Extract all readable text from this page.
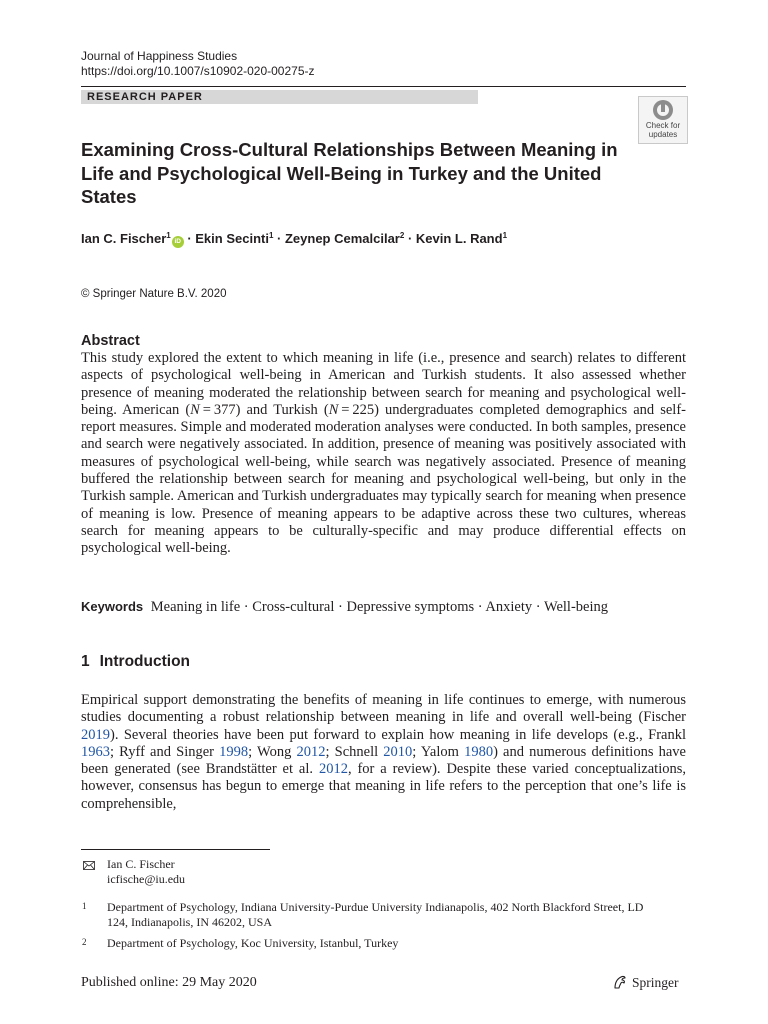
Journal of Happiness Studies
https://doi.org/10.1007/s10902-020-00275-z
RESEARCH PAPER
Check for updates
Examining Cross-Cultural Relationships Between Meaning in Life and Psychological Well-Being in Turkey and the United States
Ian C. Fischer$^1$iD · Ekin Secinti$^1$ · Zeynep Cemalcilar$^2$ · Kevin L. Rand$^1$
© Springer Nature B.V. 2020
Abstract

This study explored the extent to which meaning in life (i.e., presence and search) relates to different aspects of psychological well-being in American and Turkish students. It also assessed whether presence of meaning moderated the relationship between search for meaning and psychological well-being. American (N = 377) and Turkish (N = 225) undergraduates completed demographics and self-report measures. Simple and moderated moderation analyses were conducted. In both samples, presence and search were negatively associated. In addition, presence of meaning was positively associated with measures of psychological well-being, while search was negatively associated. Presence of meaning buffered the relationship between search for meaning and psychological well-being, but only in the Turkish sample. American and Turkish undergraduates may typically search for meaning when presence of meaning is low. Presence of meaning appears to be adaptive across these two cultures, whereas search for meaning appears to be culturally-specific and may produce differential effects on psychological well-being.

Keywords Meaning in life · Cross-cultural · Depressive symptoms · Anxiety · Well-being
1 Introduction

Empirical support demonstrating the benefits of meaning in life continues to emerge, with numerous studies documenting a robust relationship between meaning in life and overall well-being (Fischer 2019). Several theories have been put forward to explain how meaning in life develops (e.g., Frankl 1963; Ryff and Singer 1998; Wong 2012; Schnell 2010; Yalom 1980) and numerous definitions have been generated (see Brandstätter et al. 2012, for a review). Despite these varied conceptualizations, however, consensus has begun to emerge that meaning in life refers to the perception that one’s life is comprehensible,

Ian C. Fischer
icfische@iu.edu
1 Department of Psychology, Indiana University-Purdue University Indianapolis, 402 North Blackford Street, LD 124, Indianapolis, IN 46202, USA
2 Department of Psychology, Koc University, Istanbul, Turkey
Published online: 29 May 2020	Springer
